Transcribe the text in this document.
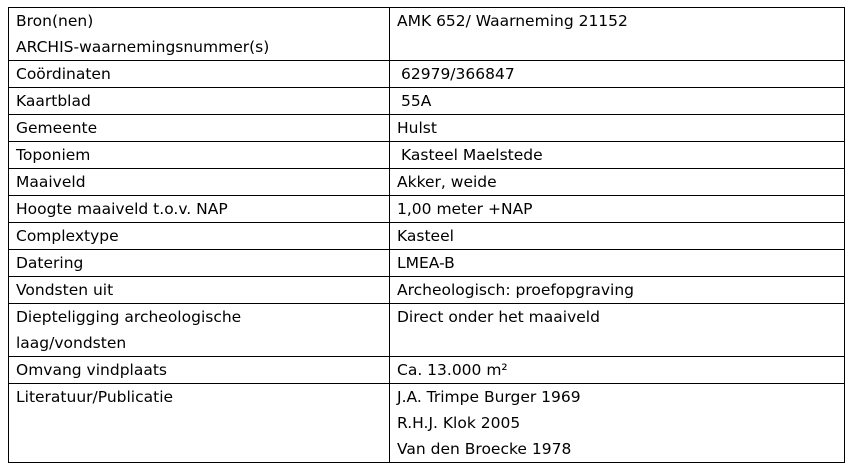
Bron(nen)
ARCHIS-waarnemingsnummer(s)	AMK 652/ Waarneming 21152

Coördinaten	62979/366847

Kaartblad	55A

Gemeente	Hulst

Toponiem	Kasteel Maelstede

Maaiveld	Akker, weide

Hoogte maaiveld t.o.v. NAP	1,00 meter +NAP

Complextype	Kasteel

Datering	LMEA-B

Vondsten uit	Archeologisch: proefopgraving

Diepteligging archeologische
laag/vondsten	Direct onder het maaiveld

Omvang vindplaats	Ca. 13.000 m²

Literatuur/Publicatie	J.A. Trimpe Burger 1969
R.H.J. Klok 2005
Van den Broecke 1978
